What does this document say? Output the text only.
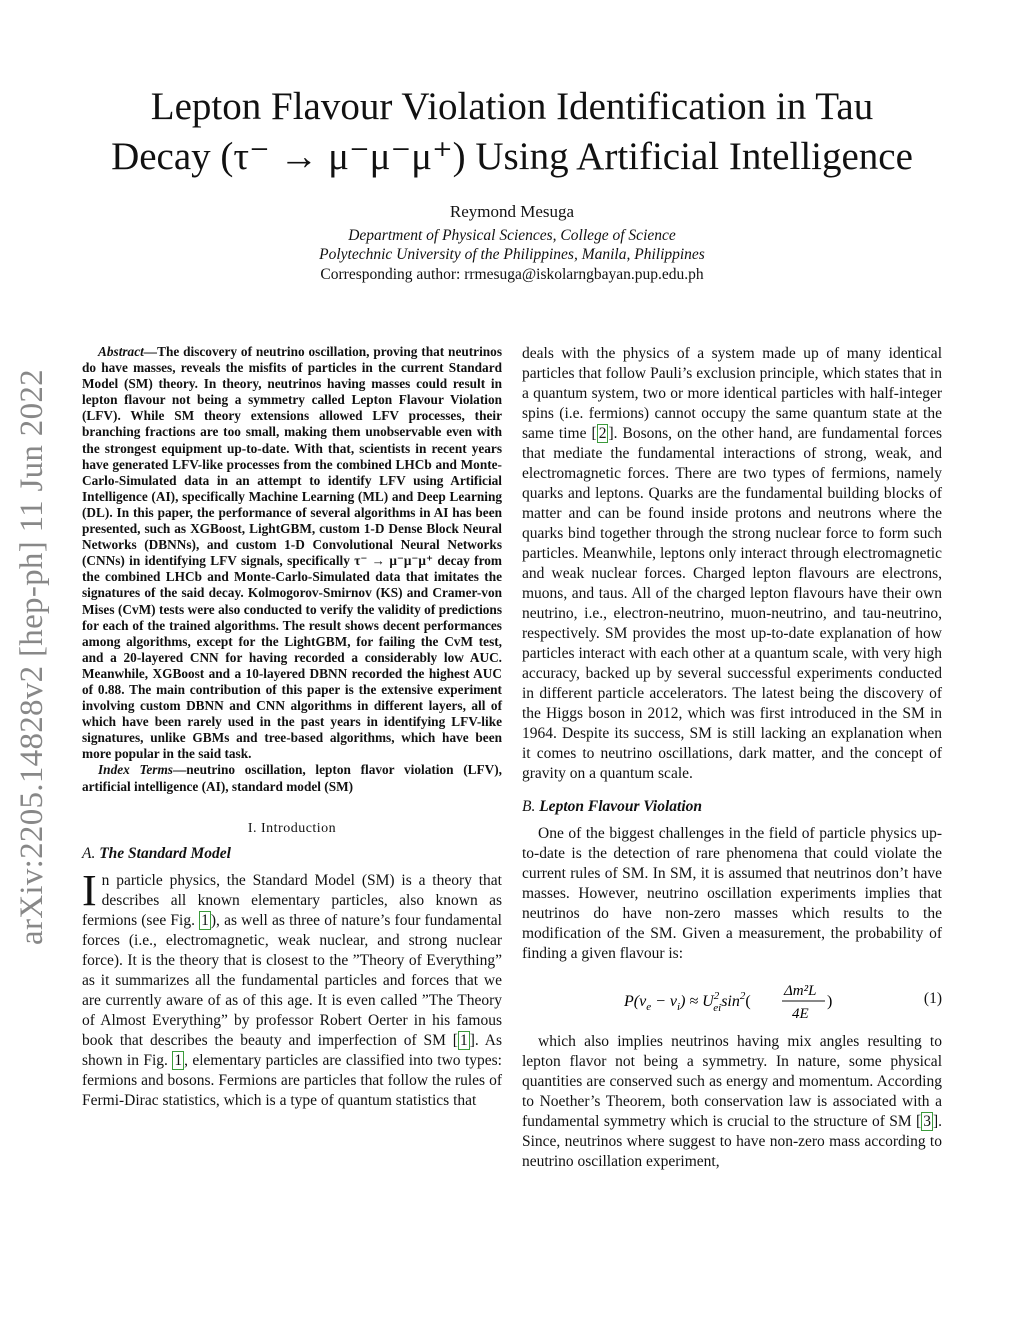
Lepton Flavour Violation Identification in Tau
Decay (τ⁻ → μ⁻μ⁻μ⁺) Using Artificial Intelligence
Reymond Mesuga
Department of Physical Sciences, College of Science
Polytechnic University of the Philippines, Manila, Philippines
Corresponding author: rrmesuga@iskolarngbayan.pup.edu.ph
arXiv:2205.14828v2 [hep-ph] 11 Jun 2022

Abstract—The discovery of neutrino oscillation, proving that neutrinos do have masses, reveals the misfits of particles in the current Standard Model (SM) theory. In theory, neutrinos having masses could result in lepton flavour not being a symmetry called Lepton Flavour Violation (LFV). While SM theory extensions allowed LFV processes, their branching fractions are too small, making them unobservable even with the strongest equipment up-to-date. With that, scientists in recent years have generated LFV-like processes from the combined LHCb and Monte-Carlo-Simulated data in an attempt to identify LFV using Artificial Intelligence (AI), specifically Machine Learning (ML) and Deep Learning (DL). In this paper, the performance of several algorithms in AI has been presented, such as XGBoost, LightGBM, custom 1-D Dense Block Neural Networks (DBNNs), and custom 1-D Convolutional Neural Networks (CNNs) in identifying LFV signals, specifically τ⁻ → μ⁻μ⁻μ⁺ decay from the combined LHCb and Monte-Carlo-Simulated data that imitates the signatures of the said decay. Kolmogorov-Smirnov (KS) and Cramer-von Mises (CvM) tests were also conducted to verify the validity of predictions for each of the trained algorithms. The result shows decent performances among algorithms, except for the LightGBM, for failing the CvM test, and a 20-layered CNN for having recorded a considerably low AUC. Meanwhile, XGBoost and a 10-layered DBNN recorded the highest AUC of 0.88. The main contribution of this paper is the extensive experiment involving custom DBNN and CNN algorithms in different layers, all of which have been rarely used in the past years in identifying LFV-like signatures, unlike GBMs and tree-based algorithms, which have been more popular in the said task.

Index Terms—neutrino oscillation, lepton flavor violation (LFV), artificial intelligence (AI), standard model (SM)

I. Introduction
A. The Standard Model

In particle physics, the Standard Model (SM) is a theory that describes all known elementary particles, also known as fermions (see Fig. 1 ), as well as three of nature’s four fundamental forces (i.e., electromagnetic, weak nuclear, and strong nuclear force). It is the theory that is closest to the ”Theory of Everything” as it summarizes all the fundamental particles and forces that we are currently aware of as of this age. It is even called ”The Theory of Almost Everything” by professor Robert Oerter in his famous book that describes the beauty and imperfection of SM [ 1 ]. As shown in Fig. 1 , elementary particles are classified into two types: fermions and bosons. Fermions are particles that follow the rules of Fermi-Dirac statistics, which is a type of quantum statistics that

deals with the physics of a system made up of many identical particles that follow Pauli’s exclusion principle, which states that in a quantum system, two or more identical particles with half-integer spins (i.e. fermions) cannot occupy the same quantum state at the same time [ 2 ]. Bosons, on the other hand, are fundamental forces that mediate the fundamental interactions of strong, weak, and electromagnetic forces. There are two types of fermions, namely quarks and leptons. Quarks are the fundamental building blocks of matter and can be found inside protons and neutrons where the quarks bind together through the strong nuclear force to form such particles. Meanwhile, leptons only interact through electromagnetic and weak nuclear forces. Charged lepton flavours are electrons, muons, and taus. All of the charged lepton flavours have their own neutrino, i.e., electron-neutrino, muon-neutrino, and tau-neutrino, respectively. SM provides the most up-to-date explanation of how particles interact with each other at a quantum scale, with very high accuracy, backed up by several successful experiments conducted in different particle accelerators. The latest being the discovery of the Higgs boson in 2012, which was first introduced in the SM in 1964. Despite its success, SM is still lacking an explanation when it comes to neutrino oscillations, dark matter, and the concept of gravity on a quantum scale.

B. Lepton Flavour Violation

One of the biggest challenges in the field of particle physics up-to-date is the detection of rare phenomena that could violate the current rules of SM. In SM, it is assumed that neutrinos don’t have masses. However, neutrino oscillation experiments implies that neutrinos do have non-zero masses which results to the modification of the SM. Given a measurement, the probability of finding a given flavour is:

$P(v_e - v_i) \approx U^2$ eisin$^2$(
Δm²L
4E
)	(1)

which also implies neutrinos having mix angles resulting to lepton flavor not being a symmetry. In nature, some physical quantities are conserved such as energy and momentum. According to Noether’s Theorem, both conservation law is associated with a fundamental symmetry which is crucial to the structure of SM [ 3 ]. Since, neutrinos where suggest to have non-zero mass according to neutrino oscillation experiment,
